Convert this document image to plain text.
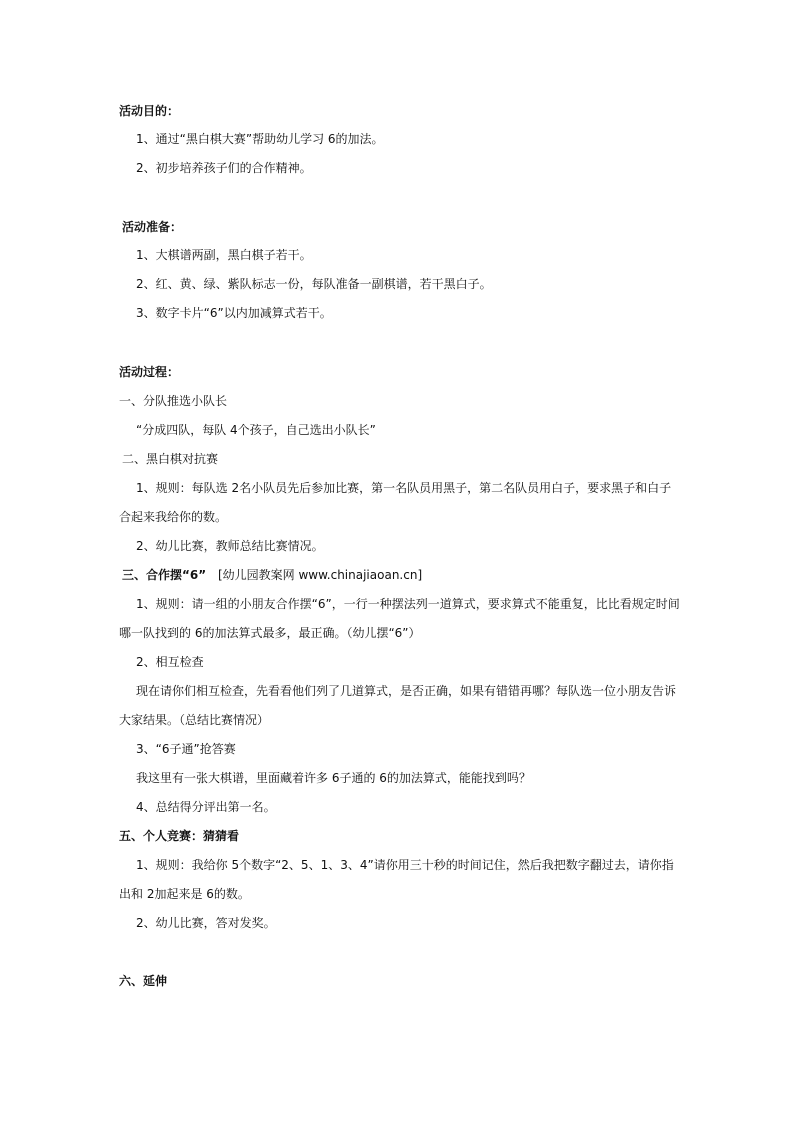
活动目的：
1、通过“黑白棋大赛”帮助幼儿学习 6的加法。
2、初步培养孩子们的合作精神。
活动准备：
1、大棋谱两副，黑白棋子若干。
2、红、黄、绿、紫队标志一份，每队准备一副棋谱，若干黑白子。
3、数字卡片“6”以内加减算式若干。
活动过程：
一、分队推选小队长
“分成四队，每队 4个孩子，自己选出小队长”
二、黑白棋对抗赛
1、规则：每队选 2名小队员先后参加比赛，第一名队员用黑子，第二名队员用白子，要求黑子和白子
合起来我给你的数。
2、幼儿比赛，教师总结比赛情况。
三、合作摆“6” [幼儿园教案网 www.chinajiaoan.cn]
1、规则：请一组的小朋友合作摆“6”，一行一种摆法列一道算式，要求算式不能重复，比比看规定时间
哪一队找到的 6的加法算式最多，最正确。（幼儿摆“6”）
2、相互检查
现在请你们相互检查，先看看他们列了几道算式，是否正确，如果有错错再哪？每队选一位小朋友告诉
大家结果。（总结比赛情况）
3、“6子通”抢答赛
我这里有一张大棋谱，里面藏着许多 6子通的 6的加法算式，能能找到吗？
4、总结得分评出第一名。
五、个人竞赛：猜猜看
1、规则：我给你 5个数字“2、5、1、3、4”请你用三十秒的时间记住，然后我把数字翻过去，请你指
出和 2加起来是 6的数。
2、幼儿比赛，答对发奖。
六、延伸
